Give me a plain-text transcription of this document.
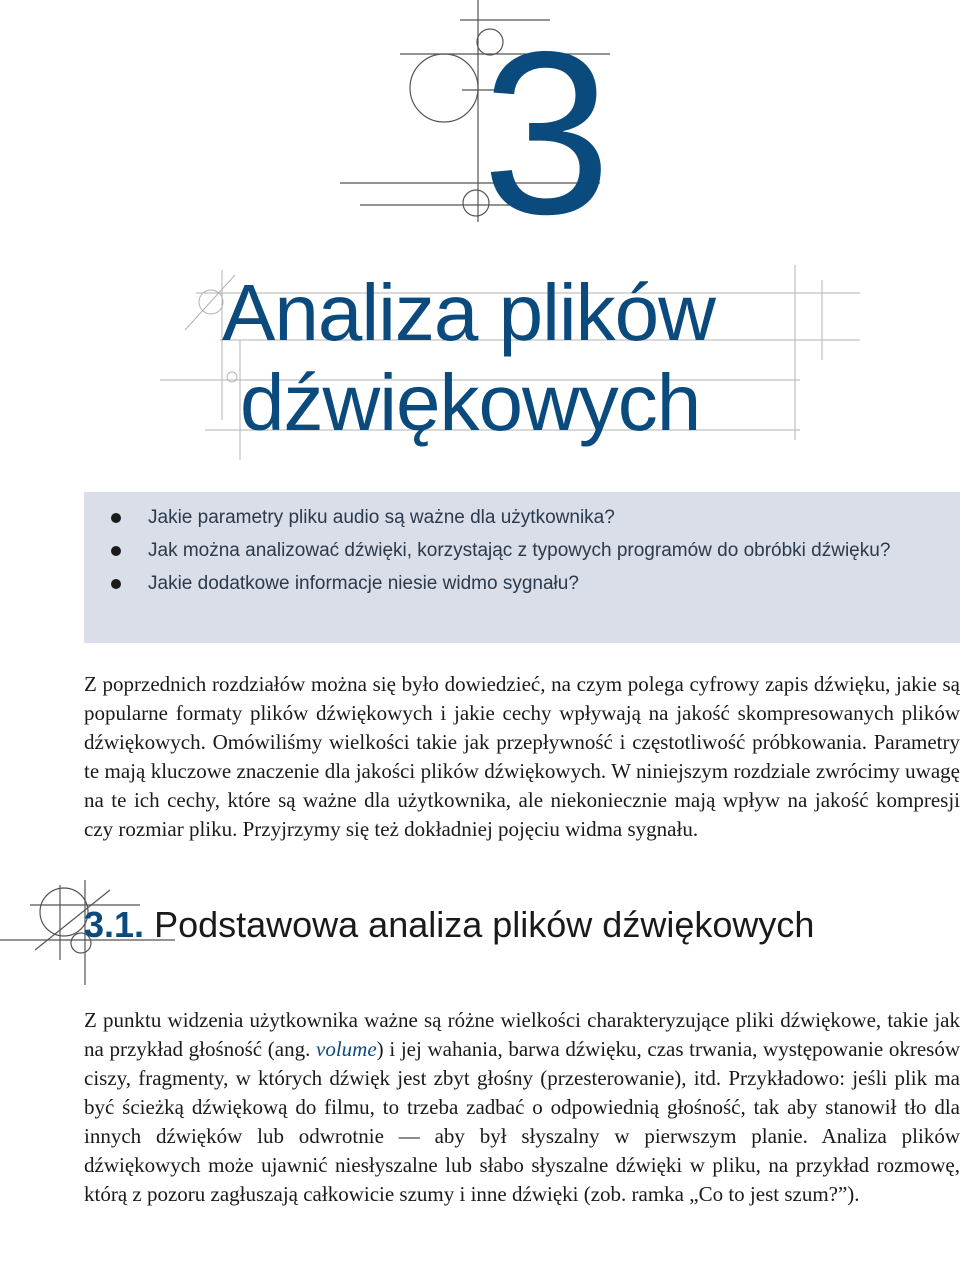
3
Analiza plików
dźwiękowych
Jakie parametry pliku audio są ważne dla użytkownika?
Jak można analizować dźwięki, korzystając z typowych programów do obróbki dźwięku?
Jakie dodatkowe informacje niesie widmo sygnału?

Z poprzednich rozdziałów można się było dowiedzieć, na czym polega cyfrowy zapis dźwięku, jakie są popularne formaty plików dźwiękowych i jakie cechy wpływają na jakość skompresowanych plików dźwiękowych. Omówiliśmy wielkości takie jak przepływność i częstotliwość próbkowania. Parametry te mają kluczowe znaczenie dla jakości plików dźwiękowych. W niniejszym rozdziale zwrócimy uwagę na te ich cechy, które są ważne dla użytkownika, ale niekoniecznie mają wpływ na jakość kompresji czy rozmiar pliku. Przyjrzymy się też dokładniej pojęciu widma sygnału.

3.1. Podstawowa analiza plików dźwiękowych

Z punktu widzenia użytkownika ważne są różne wielkości charakteryzujące pliki dźwiękowe, takie jak na przykład głośność (ang. volume) i jej wahania, barwa dźwięku, czas trwania, występowanie okresów ciszy, fragmenty, w których dźwięk jest zbyt głośny (przesterowanie), itd. Przykładowo: jeśli plik ma być ścieżką dźwiękową do filmu, to trzeba zadbać o odpowiednią głośność, tak aby stanowił tło dla innych dźwięków lub odwrotnie — aby był słyszalny w pierwszym planie. Analiza plików dźwiękowych może ujawnić niesłyszalne lub słabo słyszalne dźwięki w pliku, na przykład rozmowę, którą z pozoru zagłuszają całkowicie szumy i inne dźwięki (zob. ramka „Co to jest szum?”).
